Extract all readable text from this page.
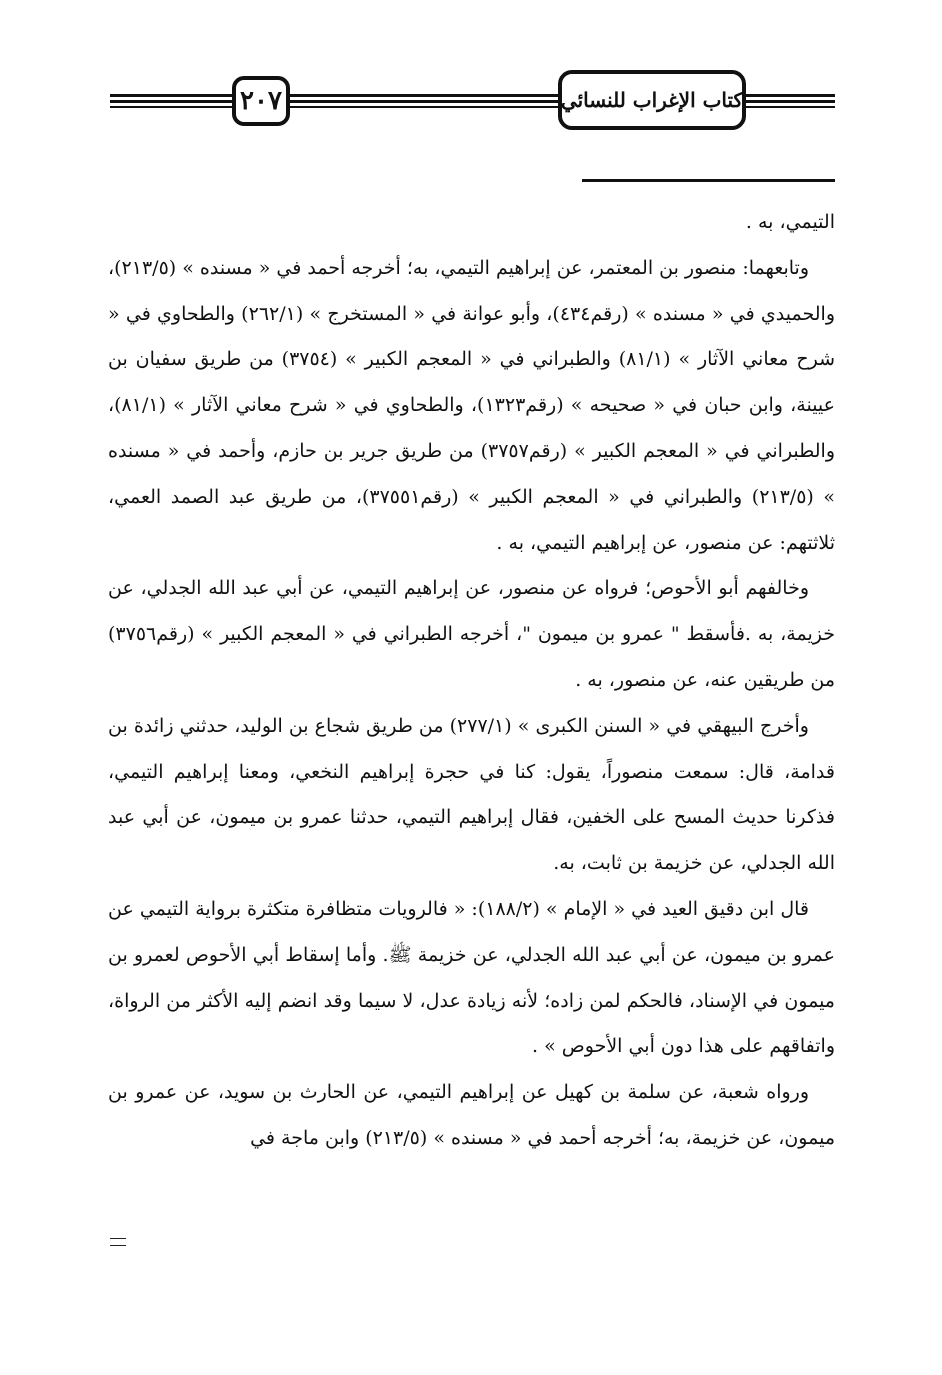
٢٠٧	كتاب الإغراب للنسائي

التيمي، به .

وتابعهما: منصور بن المعتمر، عن إبراهيم التيمي، به؛ أخرجه أحمد في « مسنده » (٢١٣/٥)، والحميدي في « مسنده » (رقم٤٣٤)، وأبو عوانة في « المستخرج » (٢٦٢/١) والطحاوي في « شرح معاني الآثار » (٨١/١) والطبراني في « المعجم الكبير » (٣٧٥٤) من طريق سفيان بن عيينة، وابن حبان في « صحيحه » (رقم١٣٢٣)، والطحاوي في « شرح معاني الآثار » (٨١/١)، والطبراني في « المعجم الكبير » (رقم٣٧٥٧) من طريق جرير بن حازم، وأحمد في « مسنده » (٢١٣/٥) والطبراني في « المعجم الكبير » (رقم٣٧٥٥١)، من طريق عبد الصمد العمي، ثلاثتهم: عن منصور، عن إبراهيم التيمي، به .

وخالفهم أبو الأحوص؛ فرواه عن منصور، عن إبراهيم التيمي، عن أبي عبد الله الجدلي، عن خزيمة، به .فأسقط " عمرو بن ميمون "، أخرجه الطبراني في « المعجم الكبير » (رقم٣٧٥٦) من طريقين عنه، عن منصور، به .

وأخرج البيهقي في « السنن الكبرى » (٢٧٧/١) من طريق شجاع بن الوليد، حدثني زائدة بن قدامة، قال: سمعت منصوراً، يقول: كنا في حجرة إبراهيم النخعي، ومعنا إبراهيم التيمي، فذكرنا حديث المسح على الخفين، فقال إبراهيم التيمي، حدثنا عمرو بن ميمون، عن أبي عبد الله الجدلي، عن خزيمة بن ثابت، به.

قال ابن دقيق العيد في « الإمام » (١٨٨/٢): « فالرويات متظافرة متكثرة برواية التيمي عن عمرو بن ميمون، عن أبي عبد الله الجدلي، عن خزيمة ﷺ. وأما إسقاط أبي الأحوص لعمرو بن ميمون في الإسناد، فالحكم لمن زاده؛ لأنه زيادة عدل، لا سيما وقد انضم إليه الأكثر من الرواة، واتفاقهم على هذا دون أبي الأحوص » .

ورواه شعبة، عن سلمة بن كهيل عن إبراهيم التيمي، عن الحارث بن سويد، عن عمرو بن ميمون، عن خزيمة، به؛ أخرجه أحمد في « مسنده » (٢١٣/٥) وابن ماجة في
